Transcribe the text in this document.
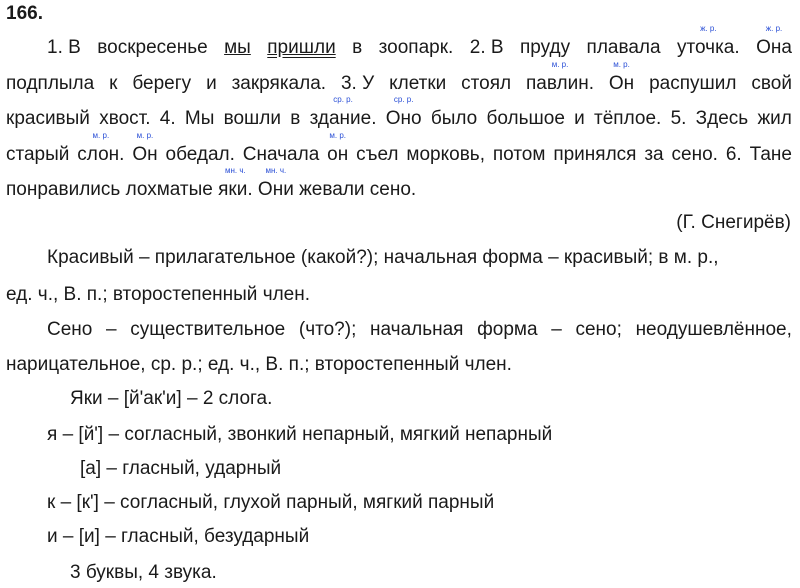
166.
1. В воскресенье мы пришли в зоопарк. 2. В пруду плавала
ж. р.
уточка.
ж. р.
Она
подплыла к берегу и закрякала. 3. У клетки стоял
м. р.
павлин.
м. р.
Он распушил свой
красивый хвост. 4. Мы вошли в
ср. р.
здание.
ср. р.
Оно было большое и тёплое. 5. Здесь жил
старый
м. р.
слон.
м. р.
Он обедал. Сначала
м. р.
он съел морковь, потом принялся за сено. 6. Тане
понравились лохматые
мн. ч.
яки.
мн. ч.
Они жевали сено.
(Г. Снегирёв)
Красивый – прилагательное (какой?); начальная форма – красивый; в м. р.,
ед. ч., В. п.; второстепенный член.
Сено – существительное (что?); начальная форма – сено; неодушевлённое,
нарицательное, ср. р.; ед. ч., В. п.; второстепенный член.
Яки – [й'ак'и] – 2 слога.
я – [й'] – согласный, звонкий непарный, мягкий непарный
[а] – гласный, ударный
к – [к'] – согласный, глухой парный, мягкий парный
и – [и] – гласный, безударный
3 буквы, 4 звука.
